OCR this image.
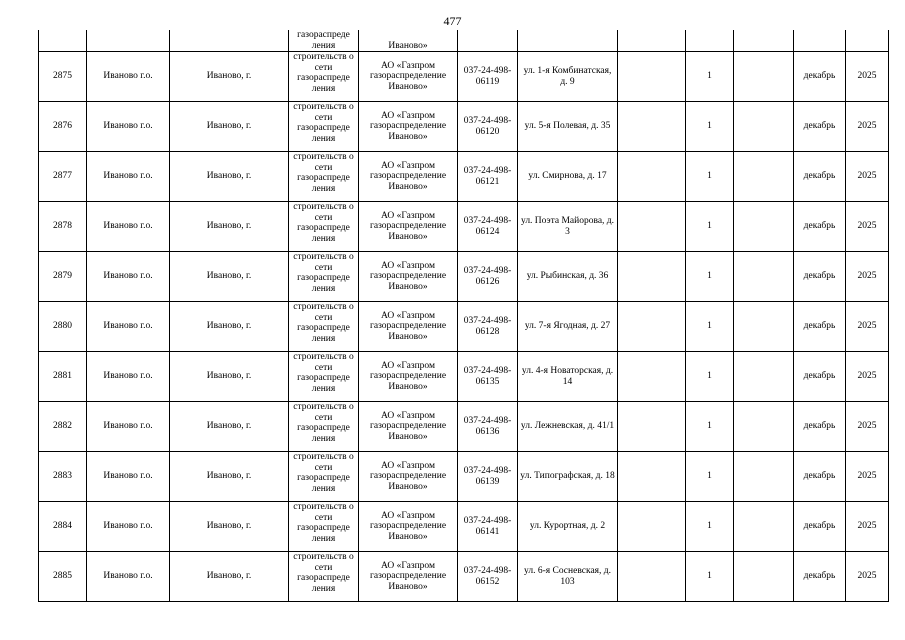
477
			газораспреде ления	Иваново»							
2875	Иваново г.о.	Иваново, г.	строительств о сети газораспреде ления	АО «Газпром газораспределение Иваново»	037-24-498-06119	ул. 1-я Комбинатская, д. 9		1		декабрь	2025
2876	Иваново г.о.	Иваново, г.	строительств о сети газораспреде ления	АО «Газпром газораспределение Иваново»	037-24-498-06120	ул. 5-я Полевая, д. 35		1		декабрь	2025
2877	Иваново г.о.	Иваново, г.	строительств о сети газораспреде ления	АО «Газпром газораспределение Иваново»	037-24-498-06121	ул. Смирнова, д. 17		1		декабрь	2025
2878	Иваново г.о.	Иваново, г.	строительств о сети газораспреде ления	АО «Газпром газораспределение Иваново»	037-24-498-06124	ул. Поэта Майорова, д. 3		1		декабрь	2025
2879	Иваново г.о.	Иваново, г.	строительств о сети газораспреде ления	АО «Газпром газораспределение Иваново»	037-24-498-06126	ул. Рыбинская, д. 36		1		декабрь	2025
2880	Иваново г.о.	Иваново, г.	строительств о сети газораспреде ления	АО «Газпром газораспределение Иваново»	037-24-498-06128	ул. 7-я Ягодная, д. 27		1		декабрь	2025
2881	Иваново г.о.	Иваново, г.	строительств о сети газораспреде ления	АО «Газпром газораспределение Иваново»	037-24-498-06135	ул. 4-я Новаторская, д. 14		1		декабрь	2025
2882	Иваново г.о.	Иваново, г.	строительств о сети газораспреде ления	АО «Газпром газораспределение Иваново»	037-24-498-06136	ул. Лежневская, д. 41/1		1		декабрь	2025
2883	Иваново г.о.	Иваново, г.	строительств о сети газораспреде ления	АО «Газпром газораспределение Иваново»	037-24-498-06139	ул. Типографская, д. 18		1		декабрь	2025
2884	Иваново г.о.	Иваново, г.	строительств о сети газораспреде ления	АО «Газпром газораспределение Иваново»	037-24-498-06141	ул. Курортная, д. 2		1		декабрь	2025
2885	Иваново г.о.	Иваново, г.	строительств о сети газораспреде ления	АО «Газпром газораспределение Иваново»	037-24-498-06152	ул. 6-я Сосневская, д. 103		1		декабрь	2025
